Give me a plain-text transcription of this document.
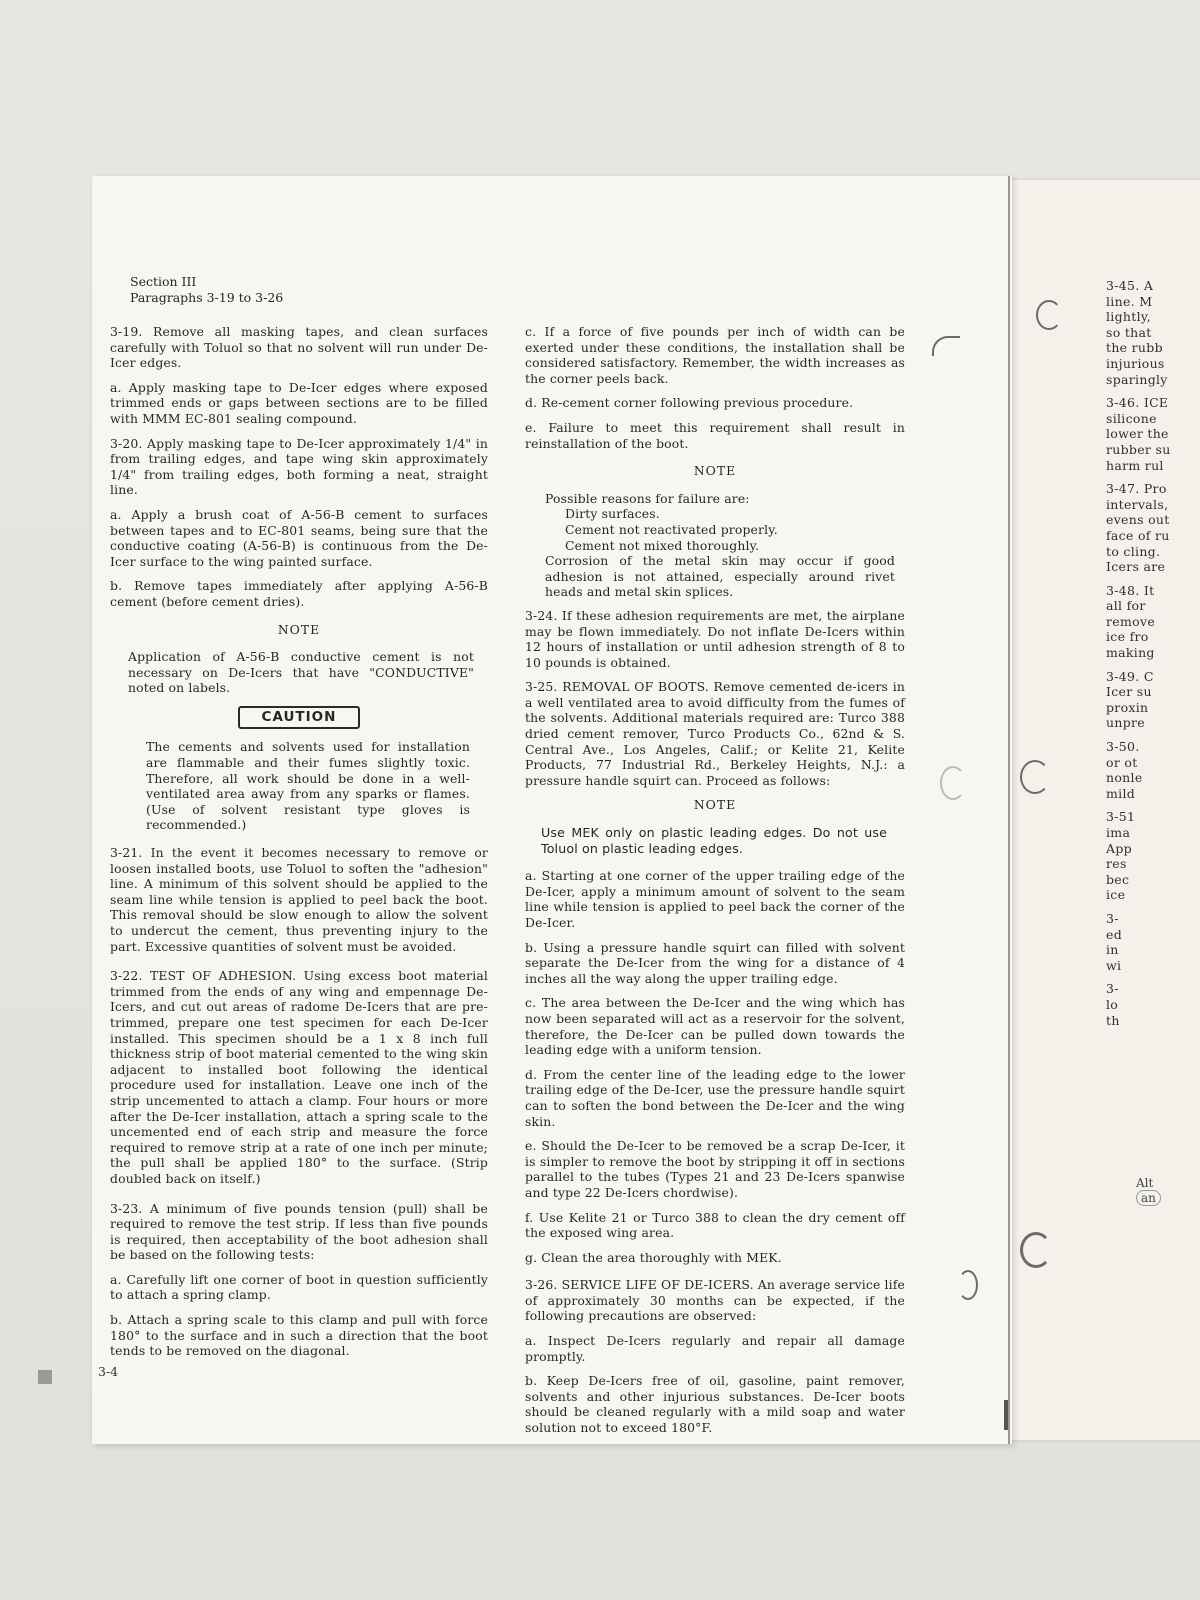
3-45. A
line. M
lightly,
so that
the rubb
injurious
sparingly
3-46. ICE
silicone
lower the
rubber su
harm rul
3-47. Pro
intervals,
evens out
face of ru
to cling.
Icers are
3-48. It
all for
remove
ice fro
making
3-49. C
Icer su
proxin
unpre
3-50.
or ot
nonle
mild
3-51
ima
App
res
bec
ice
3-
ed
in
wi
3-
lo
th
Alt
an
Section III
Paragraphs 3-19 to 3-26

3-19. Remove all masking tapes, and clean surfaces carefully with Toluol so that no solvent will run under De-Icer edges.

a. Apply masking tape to De-Icer edges where exposed trimmed ends or gaps between sections are to be filled with MMM EC-801 sealing compound.

3-20. Apply masking tape to De-Icer approximately 1/4" in from trailing edges, and tape wing skin approximately 1/4" from trailing edges, both forming a neat, straight line.

a. Apply a brush coat of A-56-B cement to surfaces between tapes and to EC-801 seams, being sure that the conductive coating (A-56-B) is continuous from the De-Icer surface to the wing painted surface.

b. Remove tapes immediately after applying A-56-B cement (before cement dries).

NOTE
Application of A-56-B conductive cement is not necessary on De-Icers that have "CONDUCTIVE" noted on labels.
CAUTION
The cements and solvents used for installation are flammable and their fumes slightly toxic. Therefore, all work should be done in a well-ventilated area away from any sparks or flames. (Use of solvent resistant type gloves is recommended.)

3-21. In the event it becomes necessary to remove or loosen installed boots, use Toluol to soften the "adhesion" line. A minimum of this solvent should be applied to the seam line while tension is applied to peel back the boot. This removal should be slow enough to allow the solvent to undercut the cement, thus preventing injury to the part. Excessive quantities of solvent must be avoided.

3-22. TEST OF ADHESION. Using excess boot material trimmed from the ends of any wing and empennage De-Icers, and cut out areas of radome De-Icers that are pre-trimmed, prepare one test specimen for each De-Icer installed. This specimen should be a 1 x 8 inch full thickness strip of boot material cemented to the wing skin adjacent to installed boot following the identical procedure used for installation. Leave one inch of the strip uncemented to attach a clamp. Four hours or more after the De-Icer installation, attach a spring scale to the uncemented end of each strip and measure the force required to remove strip at a rate of one inch per minute; the pull shall be applied 180° to the surface. (Strip doubled back on itself.)

3-23. A minimum of five pounds tension (pull) shall be required to remove the test strip. If less than five pounds is required, then acceptability of the boot adhesion shall be based on the following tests:

a. Carefully lift one corner of boot in question sufficiently to attach a spring clamp.

b. Attach a spring scale to this clamp and pull with force 180° to the surface and in such a direction that the boot tends to be removed on the diagonal.

c. If a force of five pounds per inch of width can be exerted under these conditions, the installation shall be considered satisfactory. Remember, the width increases as the corner peels back.

d. Re-cement corner following previous procedure.

e. Failure to meet this requirement shall result in reinstallation of the boot.

NOTE
Possible reasons for failure are:
Dirty surfaces.
Cement not reactivated properly.
Cement not mixed thoroughly.
Corrosion of the metal skin may occur if good adhesion is not attained, especially around rivet heads and metal skin splices.

3-24. If these adhesion requirements are met, the airplane may be flown immediately. Do not inflate De-Icers within 12 hours of installation or until adhesion strength of 8 to 10 pounds is obtained.

3-25. REMOVAL OF BOOTS. Remove cemented de-icers in a well ventilated area to avoid difficulty from the fumes of the solvents. Additional materials required are: Turco 388 dried cement remover, Turco Products Co., 62nd & S. Central Ave., Los Angeles, Calif.; or Kelite 21, Kelite Products, 77 Industrial Rd., Berkeley Heights, N.J.: a pressure handle squirt can. Proceed as follows:

NOTE
Use MEK only on plastic leading edges. Do not use Toluol on plastic leading edges.

a. Starting at one corner of the upper trailing edge of the De-Icer, apply a minimum amount of solvent to the seam line while tension is applied to peel back the corner of the De-Icer.

b. Using a pressure handle squirt can filled with solvent separate the De-Icer from the wing for a distance of 4 inches all the way along the upper trailing edge.

c. The area between the De-Icer and the wing which has now been separated will act as a reservoir for the solvent, therefore, the De-Icer can be pulled down towards the leading edge with a uniform tension.

d. From the center line of the leading edge to the lower trailing edge of the De-Icer, use the pressure handle squirt can to soften the bond between the De-Icer and the wing skin.

e. Should the De-Icer to be removed be a scrap De-Icer, it is simpler to remove the boot by stripping it off in sections parallel to the tubes (Types 21 and 23 De-Icers spanwise and type 22 De-Icers chordwise).

f. Use Kelite 21 or Turco 388 to clean the dry cement off the exposed wing area.

g. Clean the area thoroughly with MEK.

3-26. SERVICE LIFE OF DE-ICERS. An average service life of approximately 30 months can be expected, if the following precautions are observed:

a. Inspect De-Icers regularly and repair all damage promptly.

b. Keep De-Icers free of oil, gasoline, paint remover, solvents and other injurious substances. De-Icer boots should be cleaned regularly with a mild soap and water solution not to exceed 180°F.

3-4
